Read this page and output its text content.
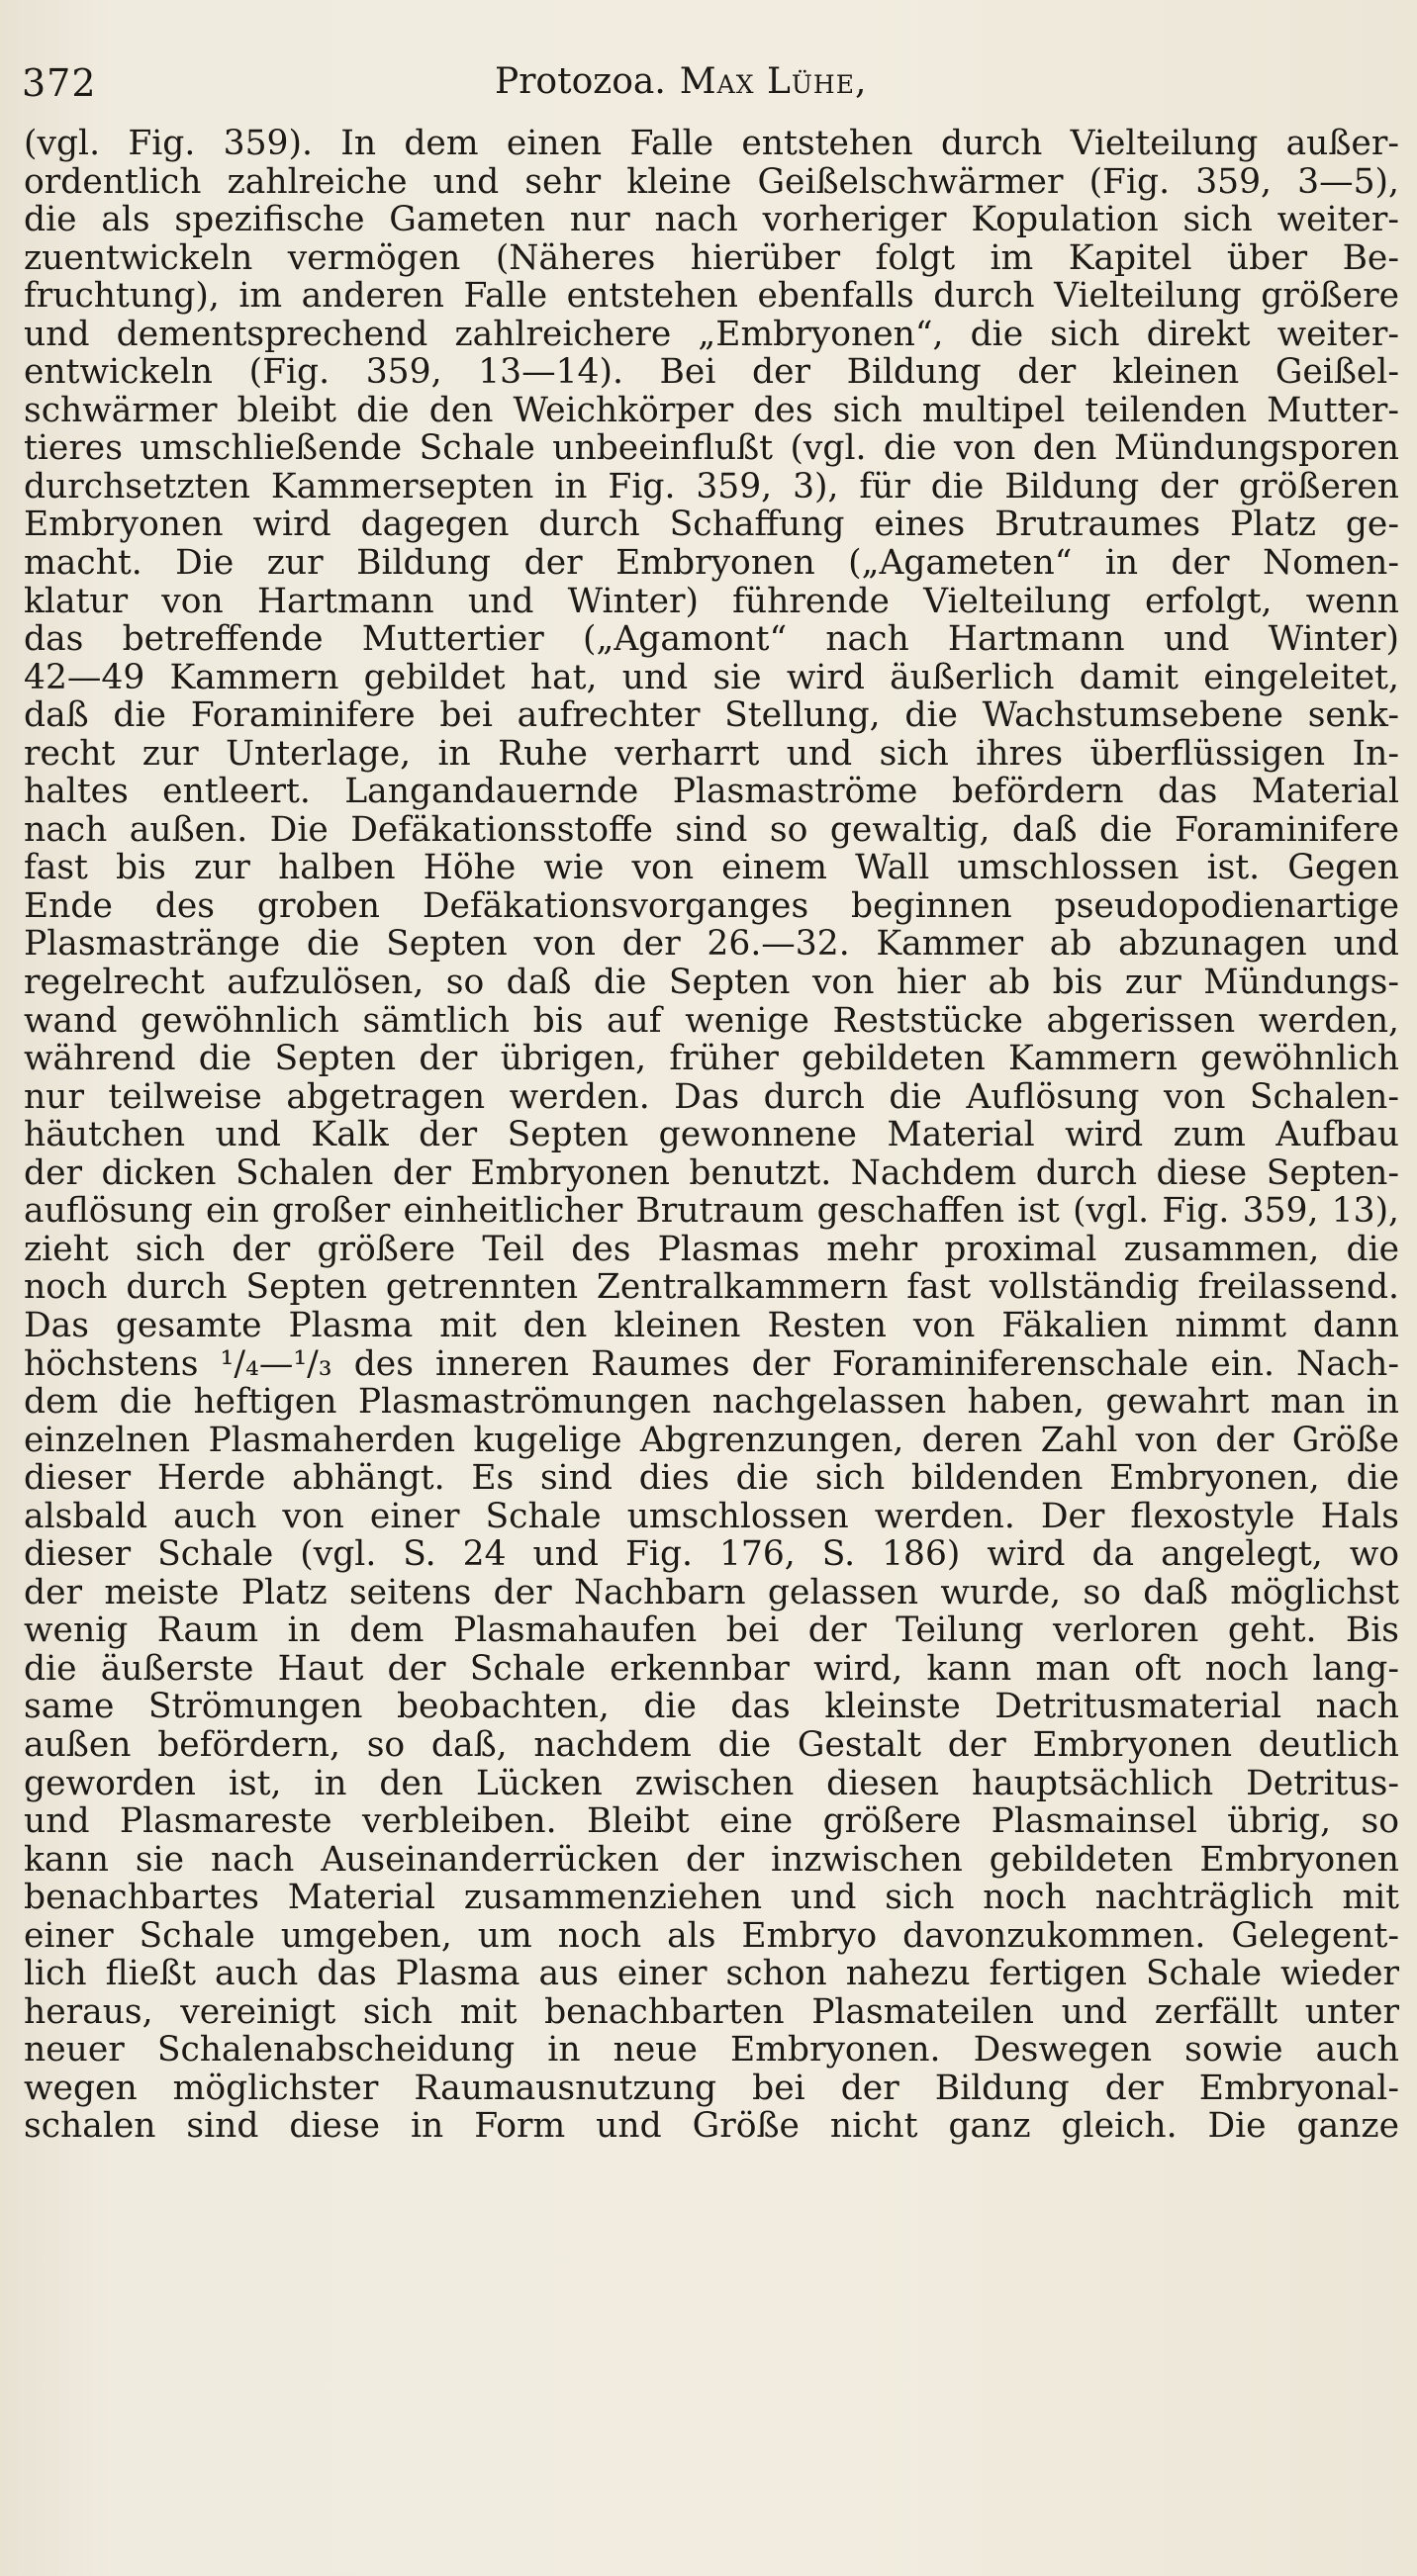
372	Protozoa. Max Lühe,
(vgl. Fig. 359). In dem einen Falle entstehen durch Vielteilung außer-
ordentlich zahlreiche und sehr kleine Geißelschwärmer (Fig. 359, 3—5),
die als spezifische Gameten nur nach vorheriger Kopulation sich weiter-
zuentwickeln vermögen (Näheres hierüber folgt im Kapitel über Be-
fruchtung), im anderen Falle entstehen ebenfalls durch Vielteilung größere
und dementsprechend zahlreichere „Embryonen“, die sich direkt weiter-
entwickeln (Fig. 359, 13—14). Bei der Bildung der kleinen Geißel-
schwärmer bleibt die den Weichkörper des sich multipel teilenden Mutter-
tieres umschließende Schale unbeeinflußt (vgl. die von den Mündungsporen
durchsetzten Kammersepten in Fig. 359, 3), für die Bildung der größeren
Embryonen wird dagegen durch Schaffung eines Brutraumes Platz ge-
macht. Die zur Bildung der Embryonen („Agameten“ in der Nomen-
klatur von Hartmann und Winter) führende Vielteilung erfolgt, wenn
das betreffende Muttertier („Agamont“ nach Hartmann und Winter)
42—49 Kammern gebildet hat, und sie wird äußerlich damit eingeleitet,
daß die Foraminifere bei aufrechter Stellung, die Wachstumsebene senk-
recht zur Unterlage, in Ruhe verharrt und sich ihres überflüssigen In-
haltes entleert. Langandauernde Plasmaströme befördern das Material
nach außen. Die Defäkationsstoffe sind so gewaltig, daß die Foraminifere
fast bis zur halben Höhe wie von einem Wall umschlossen ist. Gegen
Ende des groben Defäkationsvorganges beginnen pseudopodienartige
Plasmastränge die Septen von der 26.—32. Kammer ab abzunagen und
regelrecht aufzulösen, so daß die Septen von hier ab bis zur Mündungs-
wand gewöhnlich sämtlich bis auf wenige Reststücke abgerissen werden,
während die Septen der übrigen, früher gebildeten Kammern gewöhnlich
nur teilweise abgetragen werden. Das durch die Auflösung von Schalen-
häutchen und Kalk der Septen gewonnene Material wird zum Aufbau
der dicken Schalen der Embryonen benutzt. Nachdem durch diese Septen-
auflösung ein großer einheitlicher Brutraum geschaffen ist (vgl. Fig. 359, 13),
zieht sich der größere Teil des Plasmas mehr proximal zusammen, die
noch durch Septen getrennten Zentralkammern fast vollständig freilassend.
Das gesamte Plasma mit den kleinen Resten von Fäkalien nimmt dann
höchstens ¹/₄—¹/₃ des inneren Raumes der Foraminiferenschale ein. Nach-
dem die heftigen Plasmaströmungen nachgelassen haben, gewahrt man in
einzelnen Plasmaherden kugelige Abgrenzungen, deren Zahl von der Größe
dieser Herde abhängt. Es sind dies die sich bildenden Embryonen, die
alsbald auch von einer Schale umschlossen werden. Der flexostyle Hals
dieser Schale (vgl. S. 24 und Fig. 176, S. 186) wird da angelegt, wo
der meiste Platz seitens der Nachbarn gelassen wurde, so daß möglichst
wenig Raum in dem Plasmahaufen bei der Teilung verloren geht. Bis
die äußerste Haut der Schale erkennbar wird, kann man oft noch lang-
same Strömungen beobachten, die das kleinste Detritusmaterial nach
außen befördern, so daß, nachdem die Gestalt der Embryonen deutlich
geworden ist, in den Lücken zwischen diesen hauptsächlich Detritus-
und Plasmareste verbleiben. Bleibt eine größere Plasmainsel übrig, so
kann sie nach Auseinanderrücken der inzwischen gebildeten Embryonen
benachbartes Material zusammenziehen und sich noch nachträglich mit
einer Schale umgeben, um noch als Embryo davonzukommen. Gelegent-
lich fließt auch das Plasma aus einer schon nahezu fertigen Schale wieder
heraus, vereinigt sich mit benachbarten Plasmateilen und zerfällt unter
neuer Schalenabscheidung in neue Embryonen. Deswegen sowie auch
wegen möglichster Raumausnutzung bei der Bildung der Embryonal-
schalen sind diese in Form und Größe nicht ganz gleich. Die ganze
